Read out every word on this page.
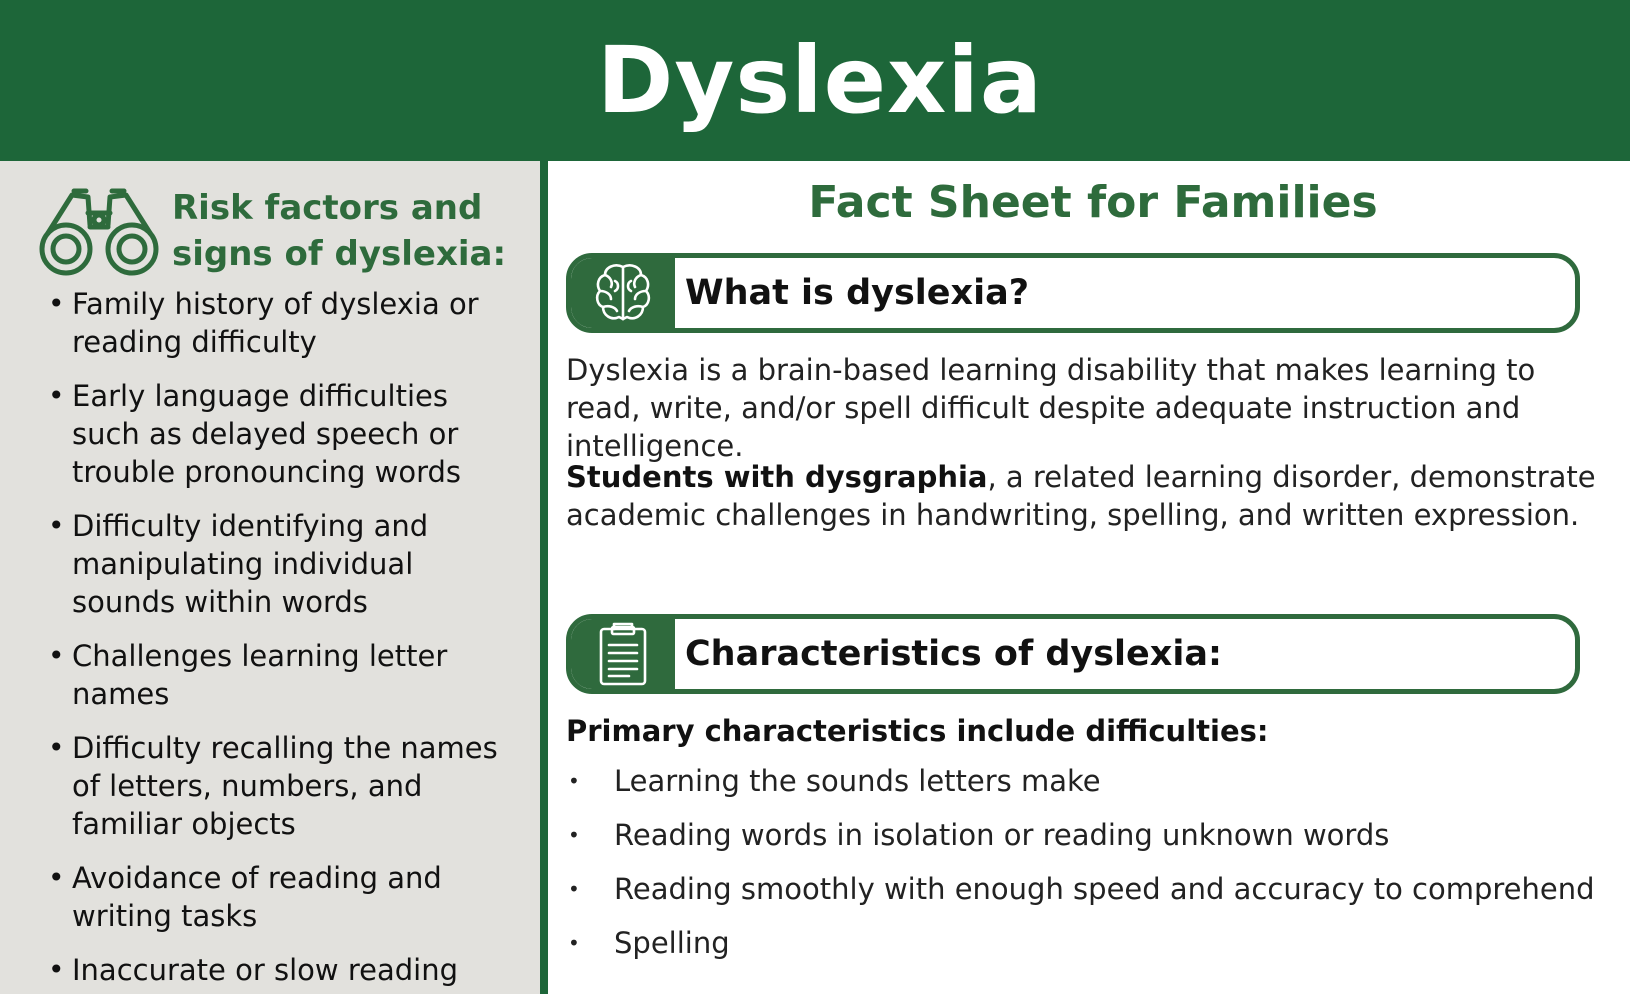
Dyslexia
Risk factors and
signs of dyslexia:
• Family history of dyslexia or reading difficulty
• Early language difficulties such as delayed speech or trouble pronouncing words
• Difficulty identifying and manipulating individual sounds within words
• Challenges learning letter names
• Difficulty recalling the names of letters, numbers, and familiar objects
• Avoidance of reading and writing tasks
• Inaccurate or slow reading
Fact Sheet for Families
What is dyslexia?

Dyslexia is a brain-based learning disability that makes learning to read, write, and/or spell difficult despite adequate instruction and intelligence.

Students with dysgraphia, a related learning disorder, demonstrate academic challenges in handwriting, spelling, and written expression.

Characteristics of dyslexia:
Primary characteristics include difficulties:
• Learning the sounds letters make
• Reading words in isolation or reading unknown words
• Reading smoothly with enough speed and accuracy to comprehend
• Spelling
